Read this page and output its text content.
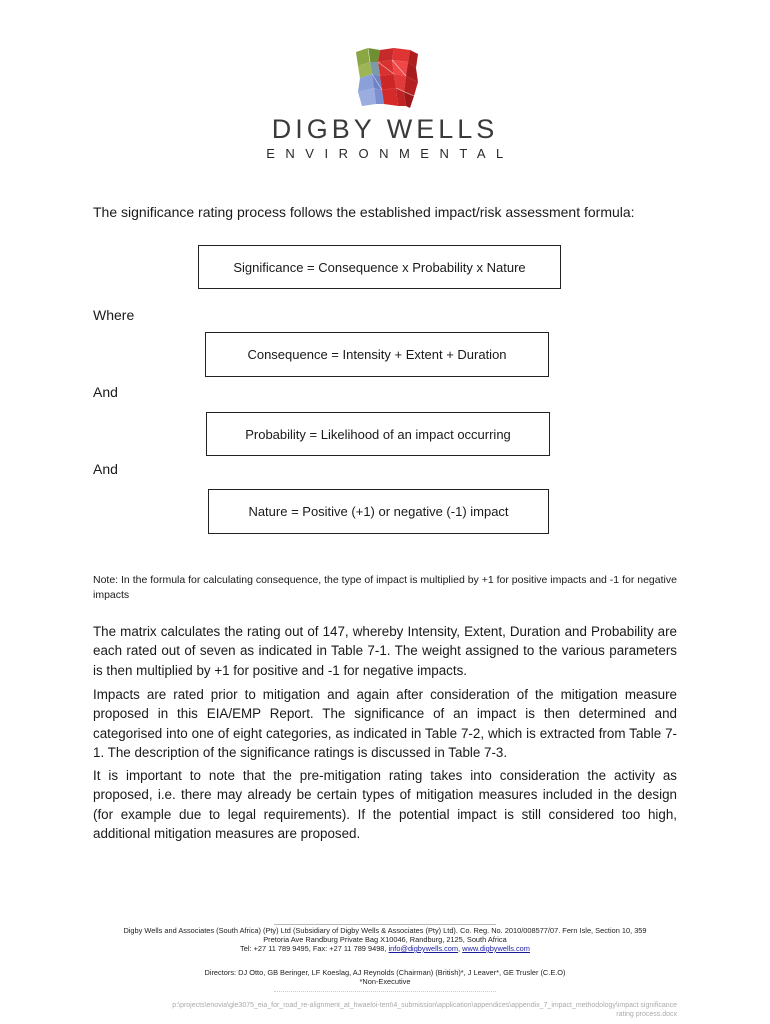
DIGBY WELLS
ENVIRONMENTAL
The significance rating process follows the established impact/risk assessment formula:
Significance = Consequence x Probability x Nature
Where
Consequence = Intensity + Extent + Duration
And
Probability = Likelihood of an impact occurring
And
Nature = Positive (+1) or negative (-1) impact
Note: In the formula for calculating consequence, the type of impact is multiplied by +1 for positive impacts and -1 for negative impacts

The matrix calculates the rating out of 147, whereby Intensity, Extent, Duration and Probability are each rated out of seven as indicated in Table 7-1. The weight assigned to the various parameters is then multiplied by +1 for positive and -1 for negative impacts.

Impacts are rated prior to mitigation and again after consideration of the mitigation measure proposed in this EIA/EMP Report. The significance of an impact is then determined and categorised into one of eight categories, as indicated in Table 7-2, which is extracted from Table 7-1. The description of the significance ratings is discussed in Table 7-3.

It is important to note that the pre-mitigation rating takes into consideration the activity as proposed, i.e. there may already be certain types of mitigation measures included in the design (for example due to legal requirements). If the potential impact is still considered too high, additional mitigation measures are proposed.

Digby Wells and Associates (South Africa) (Pty) Ltd (Subsidiary of Digby Wells & Associates (Pty) Ltd). Co. Reg. No. 2010/008577/07. Fern Isle, Section 10, 359
Pretoria Ave Randburg Private Bag X10046, Randburg, 2125, South Africa
Tel: +27 11 789 9495, Fax: +27 11 789 9498, info@digbywells.com, www.digbywells.com
Directors: DJ Otto, GB Beringer, LF Koeslag, AJ Reynolds (Chairman) (British)*, J Leaver*, GE Trusler (C.E.O)
*Non-Executive
p:\projects\enovia\gle3075_eia_for_road_re-alignment_at_hwaeloi-tent\4_submission\application\appendices\appendix_7_impact_methodology\impact significance
rating process.docx
